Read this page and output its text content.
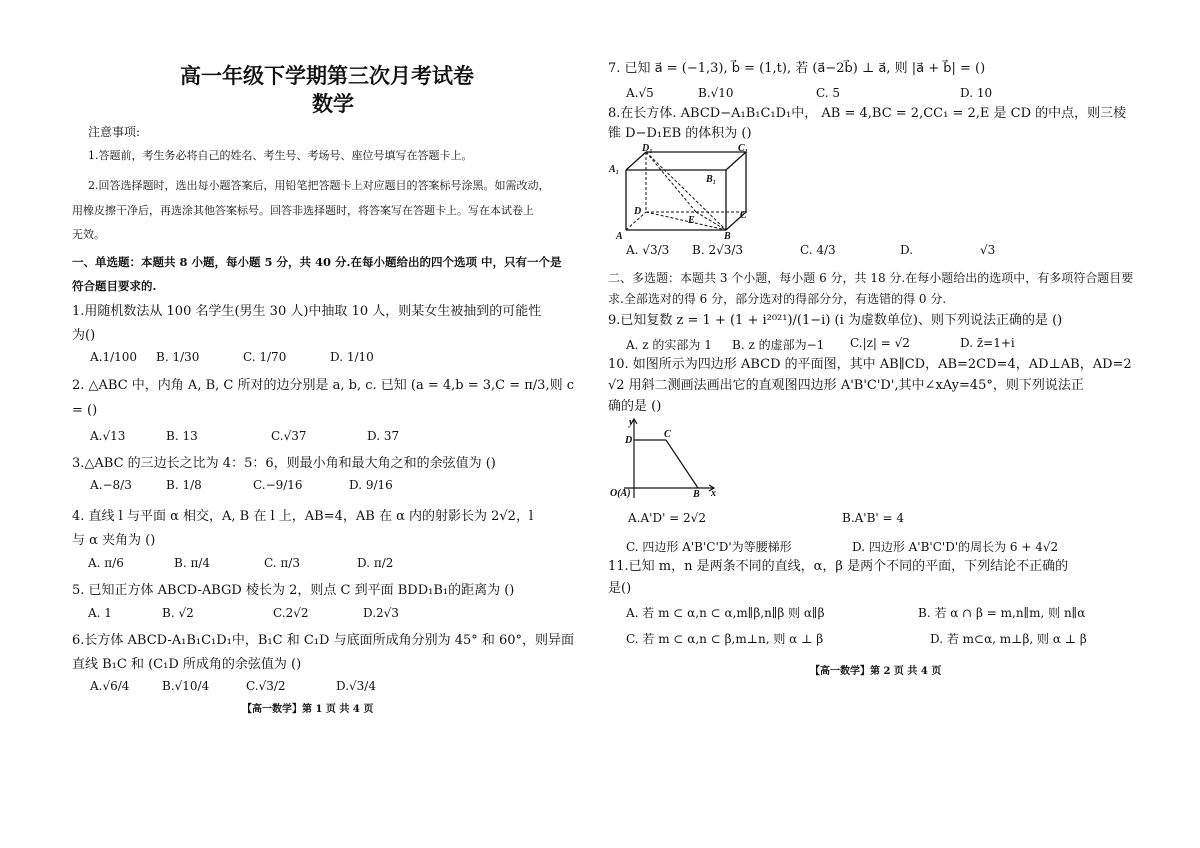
高一年级下学期第三次月考试卷
数学
注意事项:
1.答题前，考生务必将自己的姓名、考生号、考场号、座位号填写在答题卡上。
2.回答选择题时，选出每小题答案后，用铅笔把答题卡上对应题目的答案标号涂黑。如需改动，
用橡皮擦干净后，再选涂其他答案标号。回答非选择题时，将答案写在答题卡上。写在本试卷上
无效。
一、单选题：本题共 8 小题，每小题 5 分，共 40 分.在每小题给出的四个选项 中，只有一个是
符合题目要求的.
1.用随机数法从 100 名学生(男生 30 人)中抽取 10 人，则某女生被抽到的可能性
为()
A.1/100 B. 1/30	C. 1/70	D. 1/10
2. △ABC 中，内角 A, B, C 所对的边分别是 a, b, c. 已知 (a = 4,b = 3,C = π/3,则 c
= ()
A.√13	B. 13	C.√37	D. 37
3.△ABC 的三边长之比为 4：5：6，则最小角和最大角之和的余弦值为 ()
A.−8/3	B. 1/8	C.−9/16	D. 9/16
4. 直线 l 与平面 α 相交，A, B 在 l 上，AB=4，AB 在 α 内的射影长为 2√2，l
与 α 夹角为 ()
A. π/6	B. π/4	C. π/3	D. π/2
5. 已知正方体 ABCD-ABGD 棱长为 2，则点 C 到平面 BDD₁B₁的距离为 ()
A. 1	B. √2	C.2√2	D.2√3
6.长方体 ABCD-A₁B₁C₁D₁中，B₁C 和 C₁D 与底面所成角分别为 45° 和 60°，则异面
直线 B₁C 和 (C₁D 所成角的余弦值为 ()
A.√6/4	B.√10/4	C.√3/2	D.√3/4
【高一数学】第 1 页 共 4 页
7. 已知 a⃗ = (−1,3), b⃗ = (1,t), 若 (a⃗−2b⃗) ⊥ a⃗, 则 |a⃗ + b⃗| = ()
A.√5	B.√10	C. 5	D. 10
8.在长方体. ABCD−A₁B₁C₁D₁中， AB = 4,BC = 2,CC₁ = 2,E 是 CD 的中点，则三棱
锥 D−D₁EB 的体积为 ()
D₁	C₁
A₁
B₁
D
E	C
A	B
A. √3/3 B. 2√3/3	C. 4/3	D.	√3
二、多选题：本题共 3 个小题，每小题 6 分，共 18 分.在每小题给出的选项中，有多项符合题目要
求.全部选对的得 6 分，部分选对的得部分分，有选错的得 0 分.
9.已知复数 z = 1 + (1 + i²⁰²¹)/(1−i) (i 为虚数单位)、则下列说法正确的是 ()
A. z 的实部为 1 B. z 的虚部为−1 C.|z| = √2	D. z̄=1+i
10. 如图所示为四边形 ABCD 的平面图，其中 AB∥CD，AB=2CD=4，AD⊥AB，AD=2
√2 用斜二测画法画出它的直观图四边形 A'B'C'D',其中∠xAy=45°，则下列说法正
确的是 ()
y
D
C
O(A)	B x
A.A'D' = 2√2	B.A'B' = 4
C. 四边形 A'B'C'D'为等腰梯形	D. 四边形 A'B'C'D'的周长为 6 + 4√2
11.已知 m，n 是两条不同的直线，α，β 是两个不同的平面，下列结论不正确的
是()
A. 若 m ⊂ α,n ⊂ α,m∥β,n∥β 则 α∥β	B. 若 α ∩ β = m,n∥m, 则 n∥α
C. 若 m ⊂ α,n ⊂ β,m⊥n, 则 α ⊥ β	D. 若 m⊂α, m⊥β, 则 α ⊥ β
【高一数学】第 2 页 共 4 页
